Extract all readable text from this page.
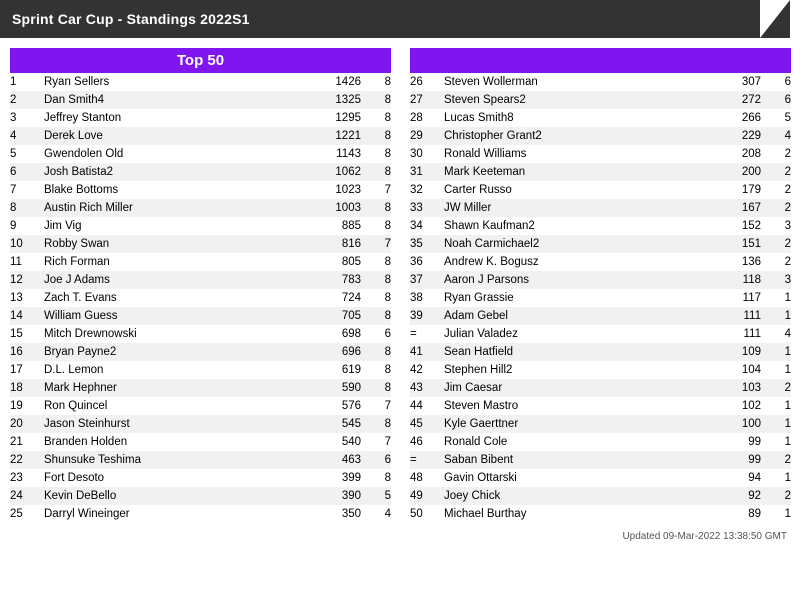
Sprint Car Cup - Standings 2022S1
Top 50
1	Ryan Sellers	1426	8
2	Dan Smith4	1325	8
3	Jeffrey Stanton	1295	8
4	Derek Love	1221	8
5	Gwendolen Old	1143	8
6	Josh Batista2	1062	8
7	Blake Bottoms	1023	7
8	Austin Rich Miller	1003	8
9	Jim Vig	885	8
10	Robby Swan	816	7
11	Rich Forman	805	8
12	Joe J Adams	783	8
13	Zach T. Evans	724	8
14	William Guess	705	8
15	Mitch Drewnowski	698	6
16	Bryan Payne2	696	8
17	D.L. Lemon	619	8
18	Mark Hephner	590	8
19	Ron Quincel	576	7
20	Jason Steinhurst	545	8
21	Branden Holden	540	7
22	Shunsuke Teshima	463	6
23	Fort Desoto	399	8
24	Kevin DeBello	390	5
25	Darryl Wineinger	350	4
26	Steven Wollerman	307	6
27	Steven Spears2	272	6
28	Lucas Smith8	266	5
29	Christopher Grant2	229	4
30	Ronald Williams	208	2
31	Mark Keeteman	200	2
32	Carter Russo	179	2
33	JW Miller	167	2
34	Shawn Kaufman2	152	3
35	Noah Carmichael2	151	2
36	Andrew K. Bogusz	136	2
37	Aaron J Parsons	118	3
38	Ryan Grassie	117	1
39	Adam Gebel	111	1
=	Julian Valadez	111	4
41	Sean Hatfield	109	1
42	Stephen Hill2	104	1
43	Jim Caesar	103	2
44	Steven Mastro	102	1
45	Kyle Gaerttner	100	1
46	Ronald Cole	99	1
=	Saban Bibent	99	2
48	Gavin Ottarski	94	1
49	Joey Chick	92	2
50	Michael Burthay	89	1
Updated 09-Mar-2022 13:38:50 GMT
